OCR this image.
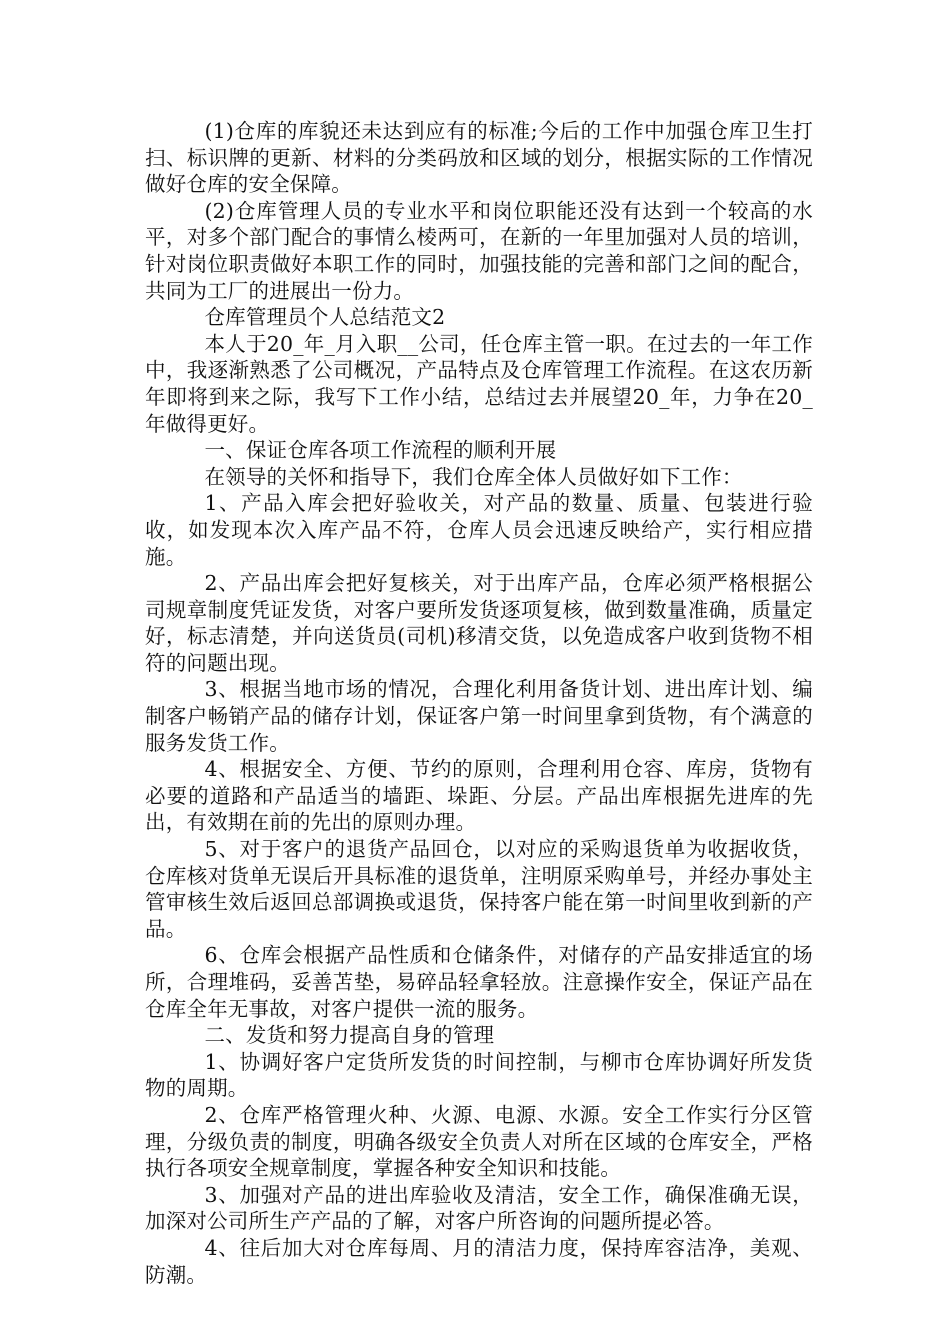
(1)仓库的库貌还未达到应有的标准;今后的工作中加强仓库卫生打扫、标识牌的更新、材料的分类码放和区域的划分，根据实际的工作情况做好仓库的安全保障。

(2)仓库管理人员的专业水平和岗位职能还没有达到一个较高的水平，对多个部门配合的事情么棱两可，在新的一年里加强对人员的培训，针对岗位职责做好本职工作的同时，加强技能的完善和部门之间的配合，共同为工厂的进展出一份力。

仓库管理员个人总结范文2

本人于20_年_月入职__公司，任仓库主管一职。在过去的一年工作中，我逐渐熟悉了公司概况，产品特点及仓库管理工作流程。在这农历新年即将到来之际，我写下工作小结，总结过去并展望20_年，力争在20_年做得更好。

一、保证仓库各项工作流程的顺利开展

在领导的关怀和指导下，我们仓库全体人员做好如下工作：

1、产品入库会把好验收关，对产品的数量、质量、包装进行验收，如发现本次入库产品不符，仓库人员会迅速反映给产，实行相应措施。

2、产品出库会把好复核关，对于出库产品，仓库必须严格根据公司规章制度凭证发货，对客户要所发货逐项复核，做到数量准确，质量定好，标志清楚，并向送货员(司机)移清交货，以免造成客户收到货物不相符的问题出现。

3、根据当地市场的情况，合理化利用备货计划、进出库计划、编制客户畅销产品的储存计划，保证客户第一时间里拿到货物，有个满意的服务发货工作。

4、根据安全、方便、节约的原则，合理利用仓容、库房，货物有必要的道路和产品适当的墙距、垛距、分层。产品出库根据先进库的先出，有效期在前的先出的原则办理。

5、对于客户的退货产品回仓，以对应的采购退货单为收据收货，仓库核对货单无误后开具标准的退货单，注明原采购单号，并经办事处主管审核生效后返回总部调换或退货，保持客户能在第一时间里收到新的产品。

6、仓库会根据产品性质和仓储条件，对储存的产品安排适宜的场所，合理堆码，妥善苫垫，易碎品轻拿轻放。注意操作安全，保证产品在仓库全年无事故，对客户提供一流的服务。

二、发货和努力提高自身的管理

1、协调好客户定货所发货的时间控制，与柳市仓库协调好所发货物的周期。

2、仓库严格管理火种、火源、电源、水源。安全工作实行分区管理，分级负责的制度，明确各级安全负责人对所在区域的仓库安全，严格执行各项安全规章制度，掌握各种安全知识和技能。

3、加强对产品的进出库验收及清洁，安全工作，确保准确无误，加深对公司所生产产品的了解，对客户所咨询的问题所提必答。

4、往后加大对仓库每周、月的清洁力度，保持库容洁净，美观、防潮。
